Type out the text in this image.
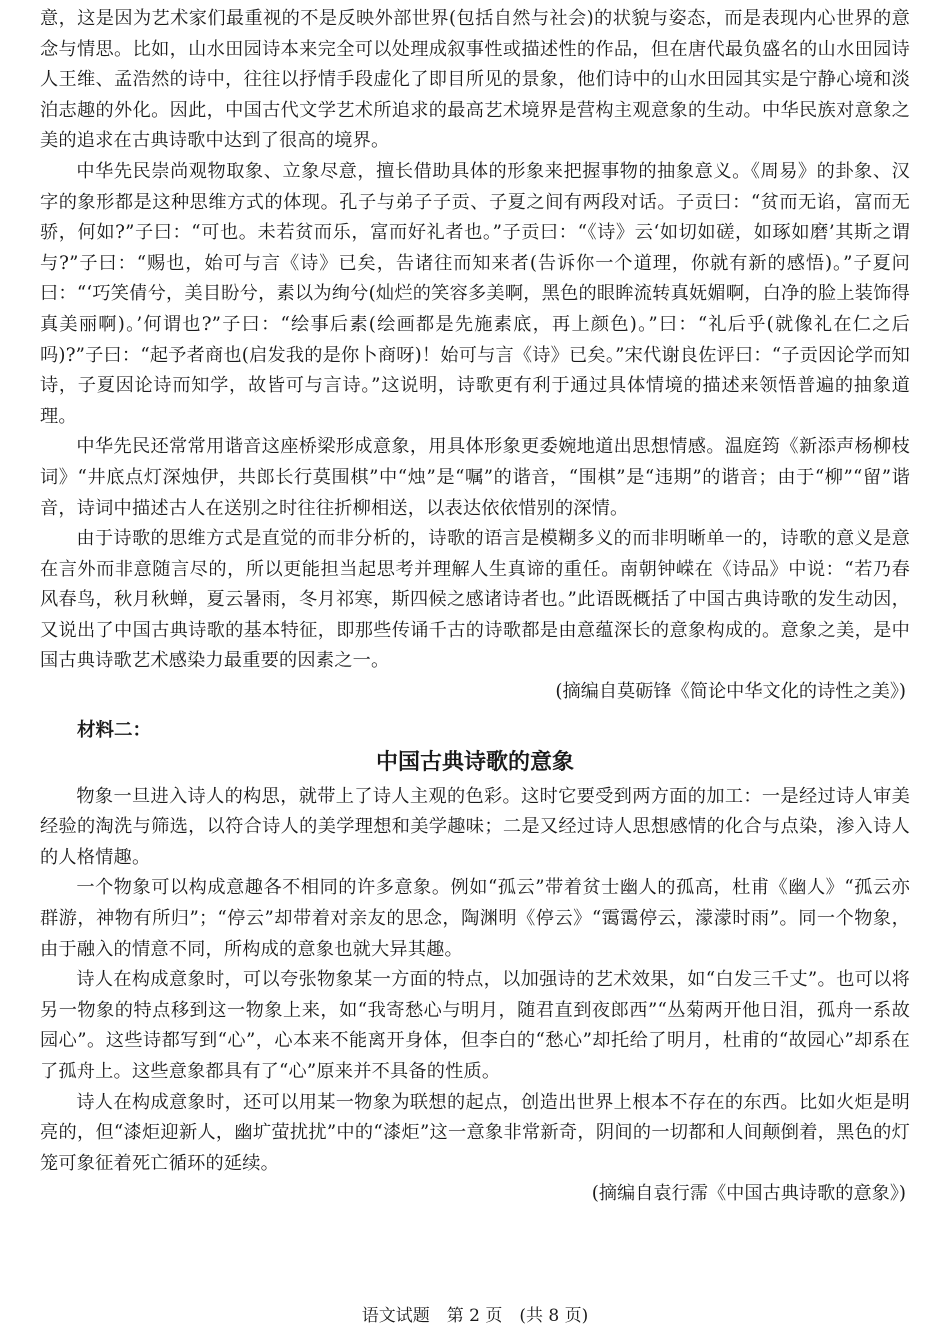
意，这是因为艺术家们最重视的不是反映外部世界(包括自然与社会)的状貌与姿态，而是表现内心世界的意念与情思。比如，山水田园诗本来完全可以处理成叙事性或描述性的作品，但在唐代最负盛名的山水田园诗人王维、孟浩然的诗中，往往以抒情手段虚化了即目所见的景象，他们诗中的山水田园其实是宁静心境和淡泊志趣的外化。因此，中国古代文学艺术所追求的最高艺术境界是营构主观意象的生动。中华民族对意象之美的追求在古典诗歌中达到了很高的境界。

中华先民崇尚观物取象、立象尽意，擅长借助具体的形象来把握事物的抽象意义。《周易》的卦象、汉字的象形都是这种思维方式的体现。孔子与弟子子贡、子夏之间有两段对话。子贡曰：“贫而无谄，富而无骄，何如?”子曰：“可也。未若贫而乐，富而好礼者也。”子贡曰：“《诗》云‘如切如磋，如琢如磨’其斯之谓与?”子曰：“赐也，始可与言《诗》已矣，告诸往而知来者(告诉你一个道理，你就有新的感悟)。”子夏问曰：“‘巧笑倩兮，美目盼兮，素以为绚兮(灿烂的笑容多美啊，黑色的眼眸流转真妩媚啊，白净的脸上装饰得真美丽啊)。’何谓也?”子曰：“绘事后素(绘画都是先施素底，再上颜色)。”曰：“礼后乎(就像礼在仁之后吗)?”子曰：“起予者商也(启发我的是你卜商呀)！始可与言《诗》已矣。”宋代谢良佐评曰：“子贡因论学而知诗，子夏因论诗而知学，故皆可与言诗。”这说明，诗歌更有利于通过具体情境的描述来领悟普遍的抽象道理。

中华先民还常常用谐音这座桥梁形成意象，用具体形象更委婉地道出思想情感。温庭筠《新添声杨柳枝词》“井底点灯深烛伊，共郎长行莫围棋”中“烛”是“嘱”的谐音，“围棋”是“违期”的谐音；由于“柳”“留”谐音，诗词中描述古人在送别之时往往折柳相送，以表达依依惜别的深情。

由于诗歌的思维方式是直觉的而非分析的，诗歌的语言是模糊多义的而非明晰单一的，诗歌的意义是意在言外而非意随言尽的，所以更能担当起思考并理解人生真谛的重任。南朝钟嵘在《诗品》中说：“若乃春风春鸟，秋月秋蝉，夏云暑雨，冬月祁寒，斯四候之感诸诗者也。”此语既概括了中国古典诗歌的发生动因，又说出了中国古典诗歌的基本特征，即那些传诵千古的诗歌都是由意蕴深长的意象构成的。意象之美，是中国古典诗歌艺术感染力最重要的因素之一。

(摘编自莫砺锋《简论中华文化的诗性之美》)

材料二：

中国古典诗歌的意象

物象一旦进入诗人的构思，就带上了诗人主观的色彩。这时它要受到两方面的加工：一是经过诗人审美经验的淘洗与筛选，以符合诗人的美学理想和美学趣味；二是又经过诗人思想感情的化合与点染，渗入诗人的人格情趣。

一个物象可以构成意趣各不相同的许多意象。例如“孤云”带着贫士幽人的孤高，杜甫《幽人》“孤云亦群游，神物有所归”；“停云”却带着对亲友的思念，陶渊明《停云》“霭霭停云，濛濛时雨”。同一个物象，由于融入的情意不同，所构成的意象也就大异其趣。

诗人在构成意象时，可以夸张物象某一方面的特点，以加强诗的艺术效果，如“白发三千丈”。也可以将另一物象的特点移到这一物象上来，如“我寄愁心与明月，随君直到夜郎西”“丛菊两开他日泪，孤舟一系故园心”。这些诗都写到“心”，心本来不能离开身体，但李白的“愁心”却托给了明月，杜甫的“故园心”却系在了孤舟上。这些意象都具有了“心”原来并不具备的性质。

诗人在构成意象时，还可以用某一物象为联想的起点，创造出世界上根本不存在的东西。比如火炬是明亮的，但“漆炬迎新人，幽圹萤扰扰”中的“漆炬”这一意象非常新奇，阴间的一切都和人间颠倒着，黑色的灯笼可象征着死亡循环的延续。

(摘编自袁行霈《中国古典诗歌的意象》)

语文试题　第 2 页　(共 8 页)
